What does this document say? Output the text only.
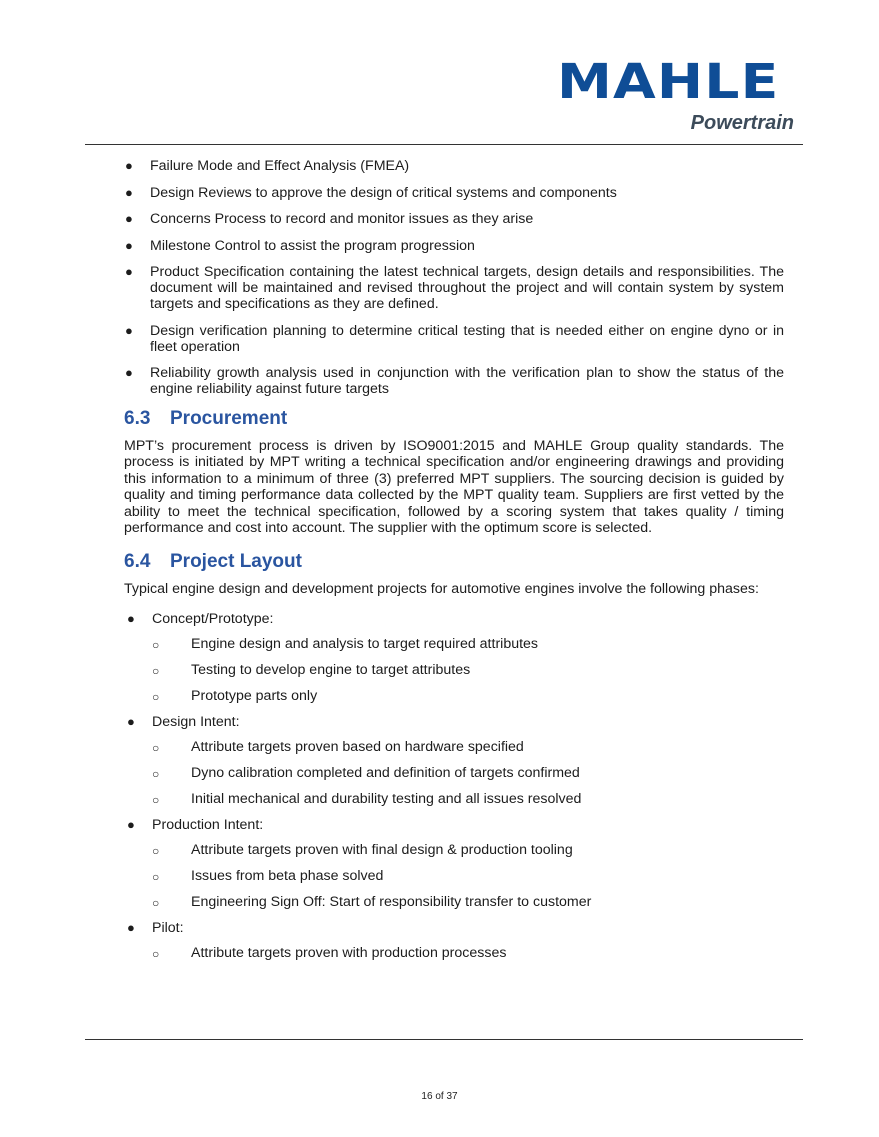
MAHLE
Powertrain
● Failure Mode and Effect Analysis (FMEA)
● Design Reviews to approve the design of critical systems and components
● Concerns Process to record and monitor issues as they arise
● Milestone Control to assist the program progression
● Product Specification containing the latest technical targets, design details and responsibilities. The document will be maintained and revised throughout the project and will contain system by system targets and specifications as they are defined.
● Design verification planning to determine critical testing that is needed either on engine dyno or in fleet operation
● Reliability growth analysis used in conjunction with the verification plan to show the status of the engine reliability against future targets
6.3 Procurement

MPT’s procurement process is driven by ISO9001:2015 and MAHLE Group quality standards. The process is initiated by MPT writing a technical specification and/or engineering drawings and providing this information to a minimum of three (3) preferred MPT suppliers. The sourcing decision is guided by quality and timing performance data collected by the MPT quality team. Suppliers are first vetted by the ability to meet the technical specification, followed by a scoring system that takes quality / timing performance and cost into account. The supplier with the optimum score is selected.

6.4 Project Layout

Typical engine design and development projects for automotive engines involve the following phases:

● Concept/Prototype:
○ Engine design and analysis to target required attributes
○ Testing to develop engine to target attributes
○ Prototype parts only
● Design Intent:
○ Attribute targets proven based on hardware specified
○ Dyno calibration completed and definition of targets confirmed
○ Initial mechanical and durability testing and all issues resolved
● Production Intent:
○ Attribute targets proven with final design & production tooling
○ Issues from beta phase solved
○ Engineering Sign Off: Start of responsibility transfer to customer
● Pilot:
○ Attribute targets proven with production processes
16 of 37
